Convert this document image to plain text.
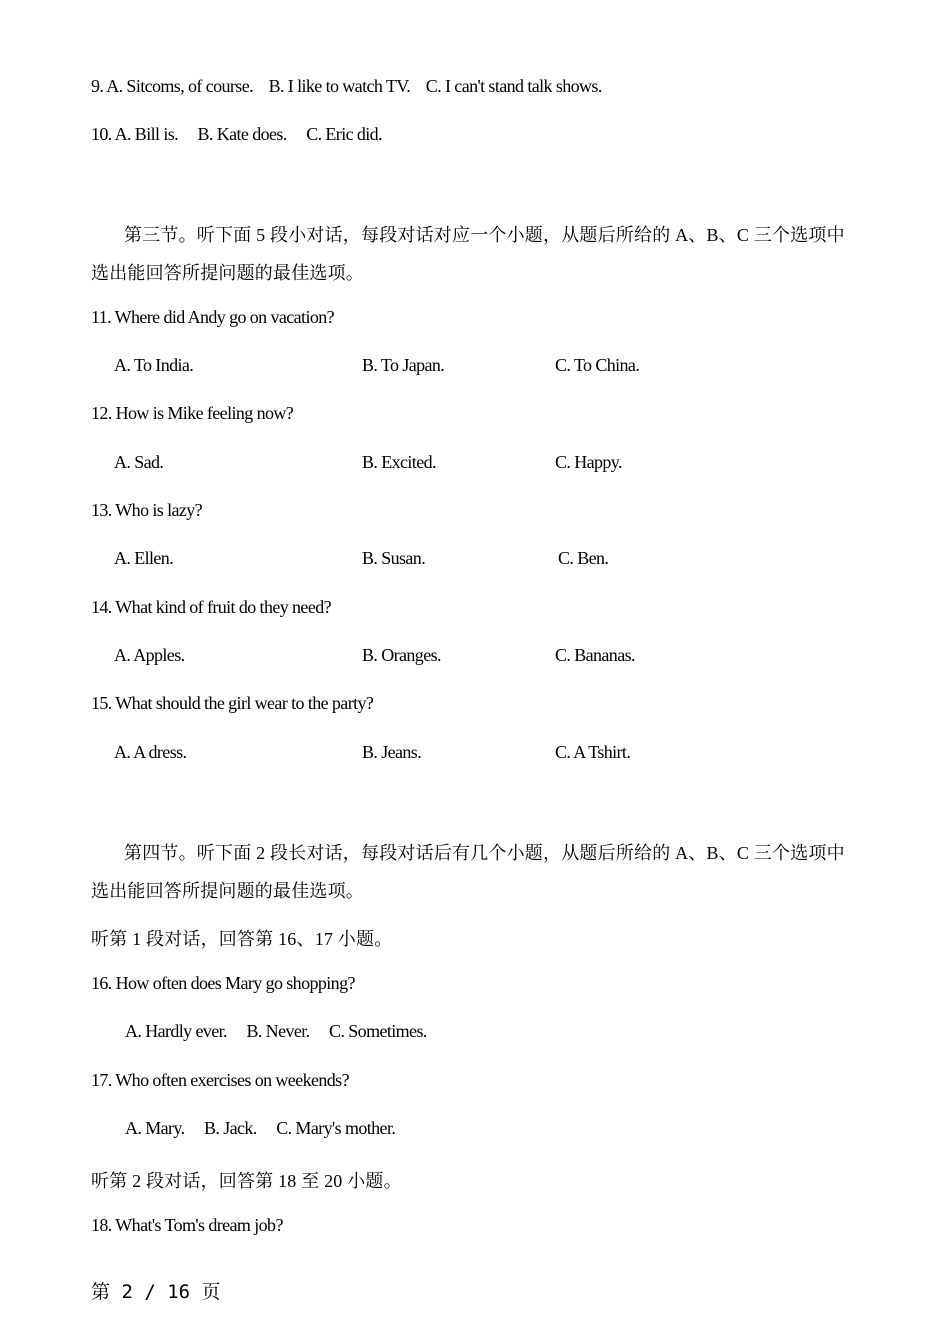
9. A. Sitcoms, of course.    B. I like to watch TV.    C. I can't stand talk shows.
10. A. Bill is.     B. Kate does.     C. Eric did.
第三节。听下面 5 段小对话，每段对话对应一个小题，从题后所给的 A、B、C 三个选项中
选出能回答所提问题的最佳选项。
11. Where did Andy go on vacation?
A. To India.	B. To Japan.	C. To China.
12. How is Mike feeling now?
A. Sad.	B. Excited.	C. Happy.
13. Who is lazy?
A. Ellen.	B. Susan.	C. Ben.
14. What kind of fruit do they need?
A. Apples.	B. Oranges.	C. Bananas.
15. What should the girl wear to the party?
A. A dress.	B. Jeans.	C. A Tshirt.
第四节。听下面 2 段长对话，每段对话后有几个小题，从题后所给的 A、B、C 三个选项中
选出能回答所提问题的最佳选项。
听第 1 段对话，回答第 16、17 小题。
16. How often does Mary go shopping?
A. Hardly ever.     B. Never.     C. Sometimes.
17. Who often exercises on weekends?
A. Mary.     B. Jack.     C. Mary's mother.
听第 2 段对话，回答第 18 至 20 小题。
18. What's Tom's dream job?
第 2 / 16 页
